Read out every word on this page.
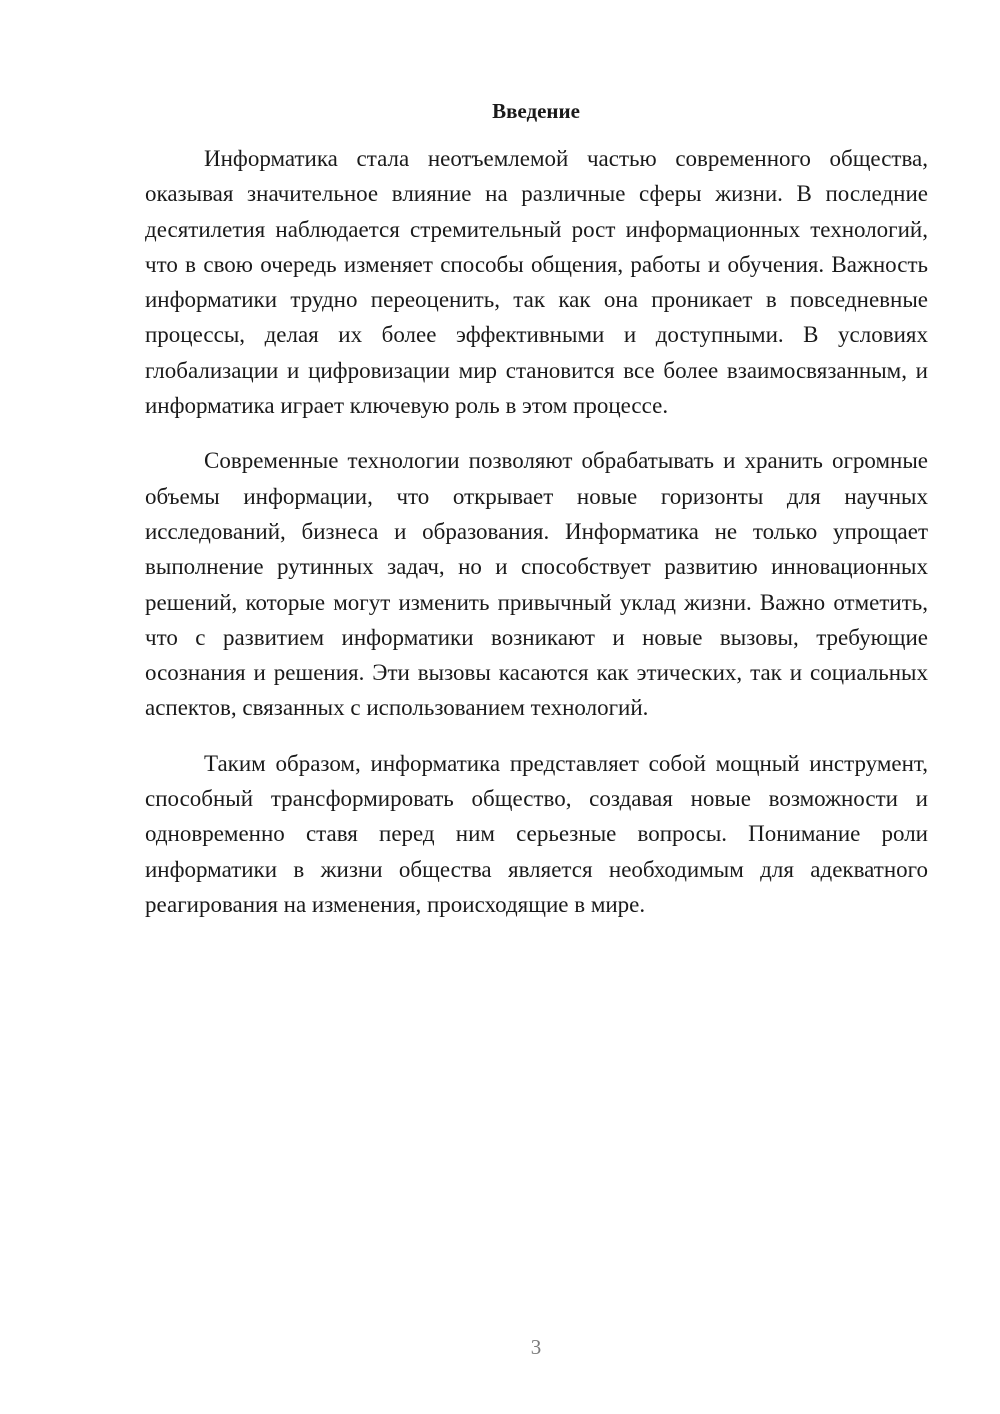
Введение

Информатика стала неотъемлемой частью современного общества, оказывая значительное влияние на различные сферы жизни. В последние десятилетия наблюдается стремительный рост информационных технологий, что в свою очередь изменяет способы общения, работы и обучения. Важность информатики трудно переоценить, так как она проникает в повседневные процессы, делая их более эффективными и доступными. В условиях глобализации и цифровизации мир становится все более взаимосвязанным, и информатика играет ключевую роль в этом процессе.

Современные технологии позволяют обрабатывать и хранить огромные объемы информации, что открывает новые горизонты для научных исследований, бизнеса и образования. Информатика не только упрощает выполнение рутинных задач, но и способствует развитию инновационных решений, которые могут изменить привычный уклад жизни. Важно отметить, что с развитием информатики возникают и новые вызовы, требующие осознания и решения. Эти вызовы касаются как этических, так и социальных аспектов, связанных с использованием технологий.

Таким образом, информатика представляет собой мощный инструмент, способный трансформировать общество, создавая новые возможности и одновременно ставя перед ним серьезные вопросы. Понимание роли информатики в жизни общества является необходимым для адекватного реагирования на изменения, происходящие в мире.

3
